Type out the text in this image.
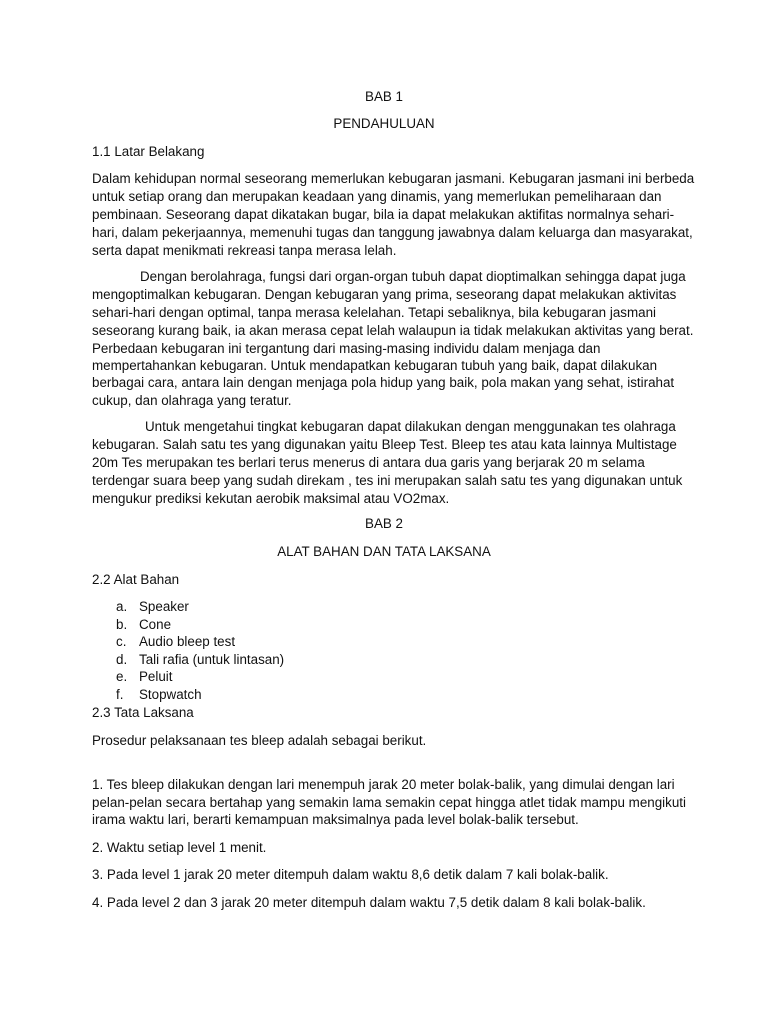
BAB 1
PENDAHULUAN
1.1 Latar Belakang
Dalam kehidupan normal seseorang memerlukan kebugaran jasmani. Kebugaran jasmani ini berbeda
untuk setiap orang dan merupakan keadaan yang dinamis, yang memerlukan pemeliharaan dan
pembinaan. Seseorang dapat dikatakan bugar, bila ia dapat melakukan aktifitas normalnya sehari-
hari, dalam pekerjaannya, memenuhi tugas dan tanggung jawabnya dalam keluarga dan masyarakat,
serta dapat menikmati rekreasi tanpa merasa lelah.
Dengan berolahraga, fungsi dari organ-organ tubuh dapat dioptimalkan sehingga dapat juga
mengoptimalkan kebugaran. Dengan kebugaran yang prima, seseorang dapat melakukan aktivitas
sehari-hari dengan optimal, tanpa merasa kelelahan. Tetapi sebaliknya, bila kebugaran jasmani
seseorang kurang baik, ia akan merasa cepat lelah walaupun ia tidak melakukan aktivitas yang berat.
Perbedaan kebugaran ini tergantung dari masing-masing individu dalam menjaga dan
mempertahankan kebugaran. Untuk mendapatkan kebugaran tubuh yang baik, dapat dilakukan
berbagai cara, antara lain dengan menjaga pola hidup yang baik, pola makan yang sehat, istirahat
cukup, dan olahraga yang teratur.
Untuk mengetahui tingkat kebugaran dapat dilakukan dengan menggunakan tes olahraga
kebugaran. Salah satu tes yang digunakan yaitu Bleep Test. Bleep tes atau kata lainnya Multistage
20m Tes merupakan tes berlari terus menerus di antara dua garis yang berjarak 20 m selama
terdengar suara beep yang sudah direkam , tes ini merupakan salah satu tes yang digunakan untuk
mengukur prediksi kekutan aerobik maksimal atau VO2max.
BAB 2
ALAT BAHAN DAN TATA LAKSANA
2.2 Alat Bahan
a. Speaker
b. Cone
c. Audio bleep test
d. Tali rafia (untuk lintasan)
e. Peluit
f. Stopwatch
2.3 Tata Laksana
Prosedur pelaksanaan tes bleep adalah sebagai berikut.
1. Tes bleep dilakukan dengan lari menempuh jarak 20 meter bolak-balik, yang dimulai dengan lari
pelan-pelan secara bertahap yang semakin lama semakin cepat hingga atlet tidak mampu mengikuti
irama waktu lari, berarti kemampuan maksimalnya pada level bolak-balik tersebut.
2. Waktu setiap level 1 menit.
3. Pada level 1 jarak 20 meter ditempuh dalam waktu 8,6 detik dalam 7 kali bolak-balik.
4. Pada level 2 dan 3 jarak 20 meter ditempuh dalam waktu 7,5 detik dalam 8 kali bolak-balik.
